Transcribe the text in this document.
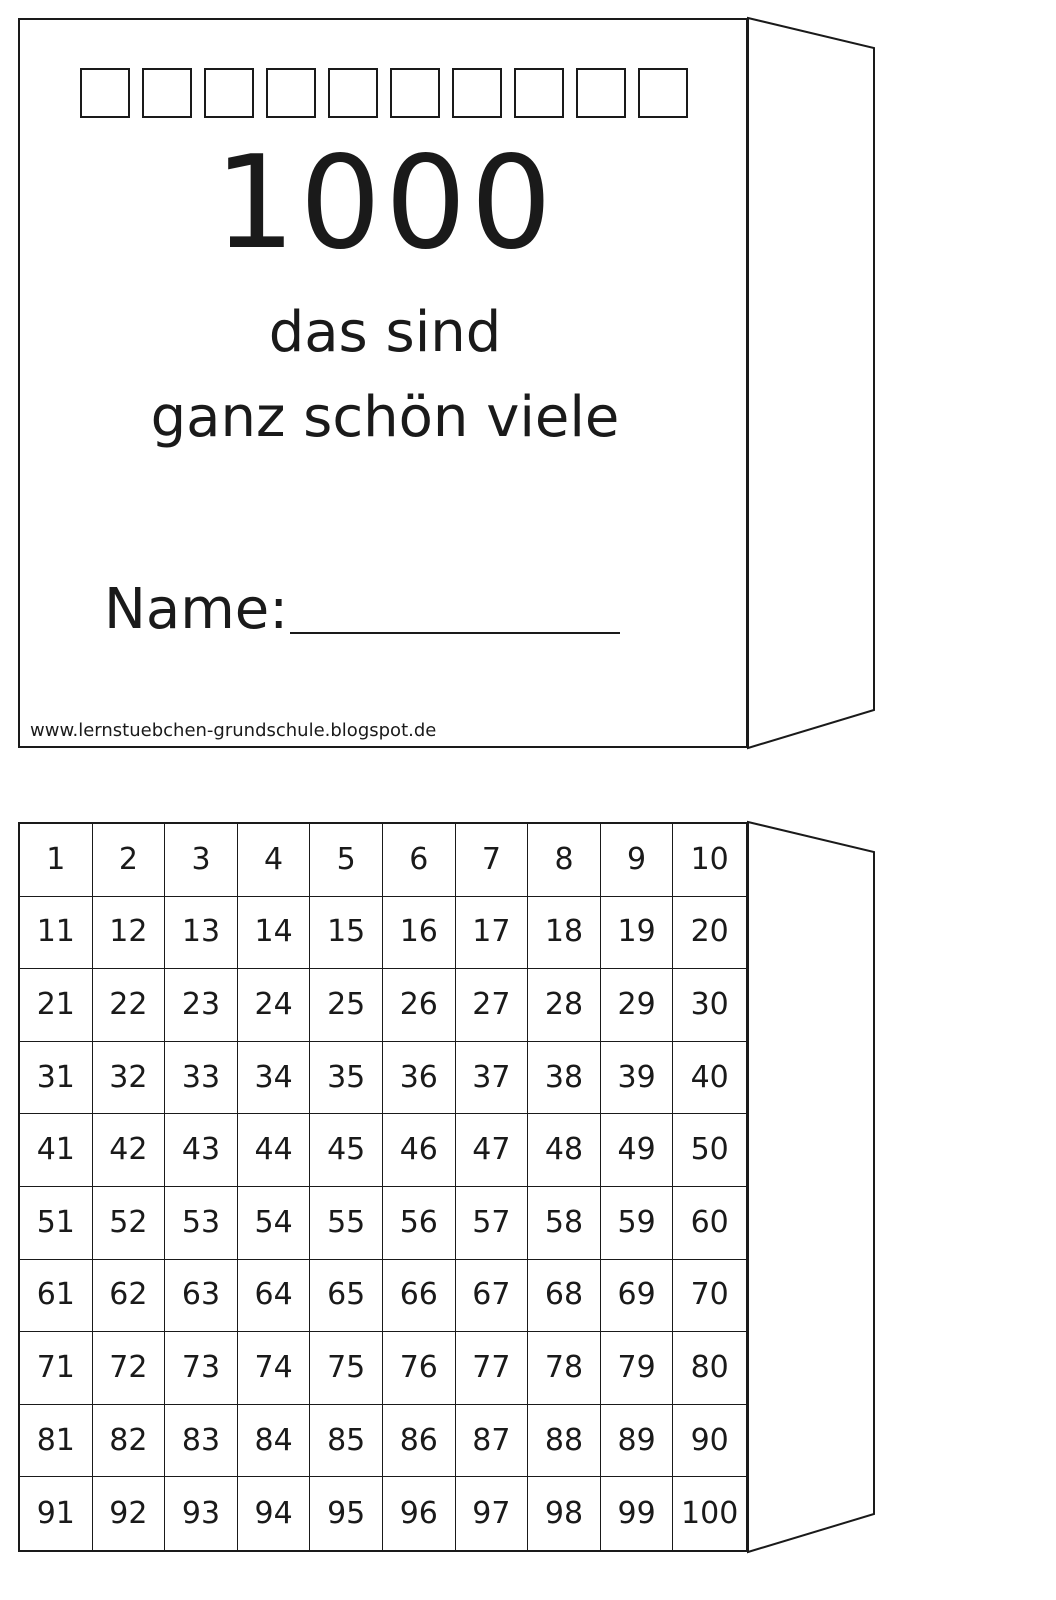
1000
das sind
ganz schön viele
Name:
www.lernstuebchen-grundschule.blogspot.de
1	2	3	4	5	6	7	8	9	10
11	12	13	14	15	16	17	18	19	20
21	22	23	24	25	26	27	28	29	30
31	32	33	34	35	36	37	38	39	40
41	42	43	44	45	46	47	48	49	50
51	52	53	54	55	56	57	58	59	60
61	62	63	64	65	66	67	68	69	70
71	72	73	74	75	76	77	78	79	80
81	82	83	84	85	86	87	88	89	90
91	92	93	94	95	96	97	98	99 100
